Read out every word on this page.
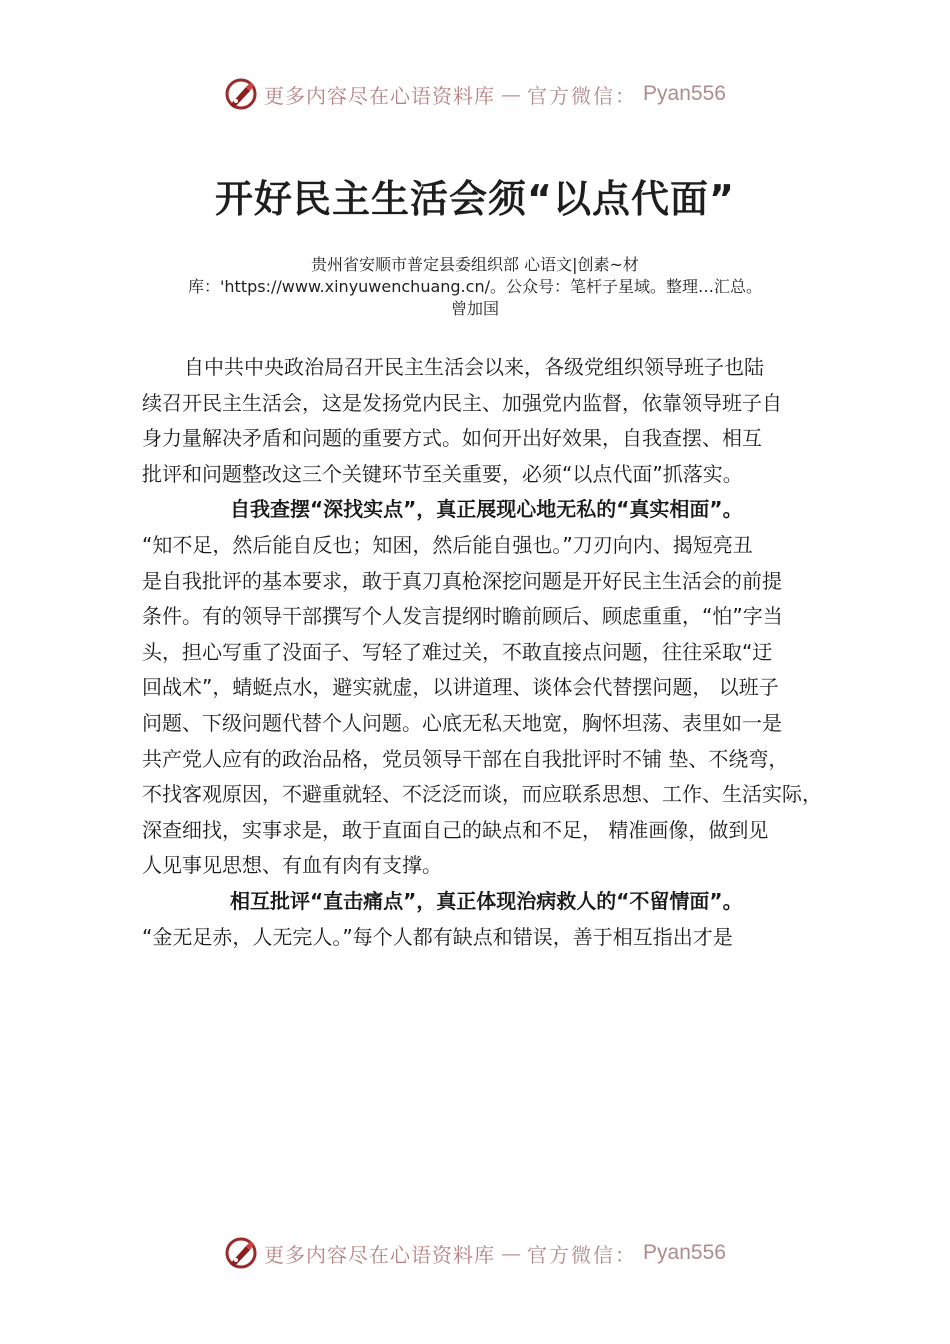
更多内容尽在心语资料库 — 官方微信： Pyan556
开好民主生活会须“以点代面”
贵州省安顺市普定县委组织部 心语文|创素~材
库：'https://www.xinyuwenchuang.cn/。公众号：笔杆子星域。整理…汇总。
曾加国
自中共中央政治局召开民主生活会以来，各级党组织领导班子也陆
续召开民主生活会，这是发扬党内民主、加强党内监督，依靠领导班子自
身力量解决矛盾和问题的重要方式。如何开出好效果，自我查摆、相互
批评和问题整改这三个关键环节至关重要，必须“以点代面”抓落实。
自我查摆“深找实点”，真正展现心地无私的“真实相面”。
“知不足，然后能自反也；知困，然后能自强也。”刀刃向内、揭短亮丑
是自我批评的基本要求，敢于真刀真枪深挖问题是开好民主生活会的前提
条件。有的领导干部撰写个人发言提纲时瞻前顾后、顾虑重重，“怕”字当
头，担心写重了没面子、写轻了难过关，不敢直接点问题，往往采取“迂
回战术”，蜻蜓点水，避实就虚，以讲道理、谈体会代替摆问题， 以班子
问题、下级问题代替个人问题。心底无私天地宽，胸怀坦荡、表里如一是
共产党人应有的政治品格，党员领导干部在自我批评时不铺 垫、不绕弯，
不找客观原因，不避重就轻、不泛泛而谈，而应联系思想、工作、生活实际，
深查细找，实事求是，敢于直面自己的缺点和不足， 精准画像，做到见
人见事见思想、有血有肉有支撑。
相互批评“直击痛点”，真正体现治病救人的“不留情面”。
“金无足赤，人无完人。”每个人都有缺点和错误，善于相互指出才是
更多内容尽在心语资料库 — 官方微信： Pyan556
